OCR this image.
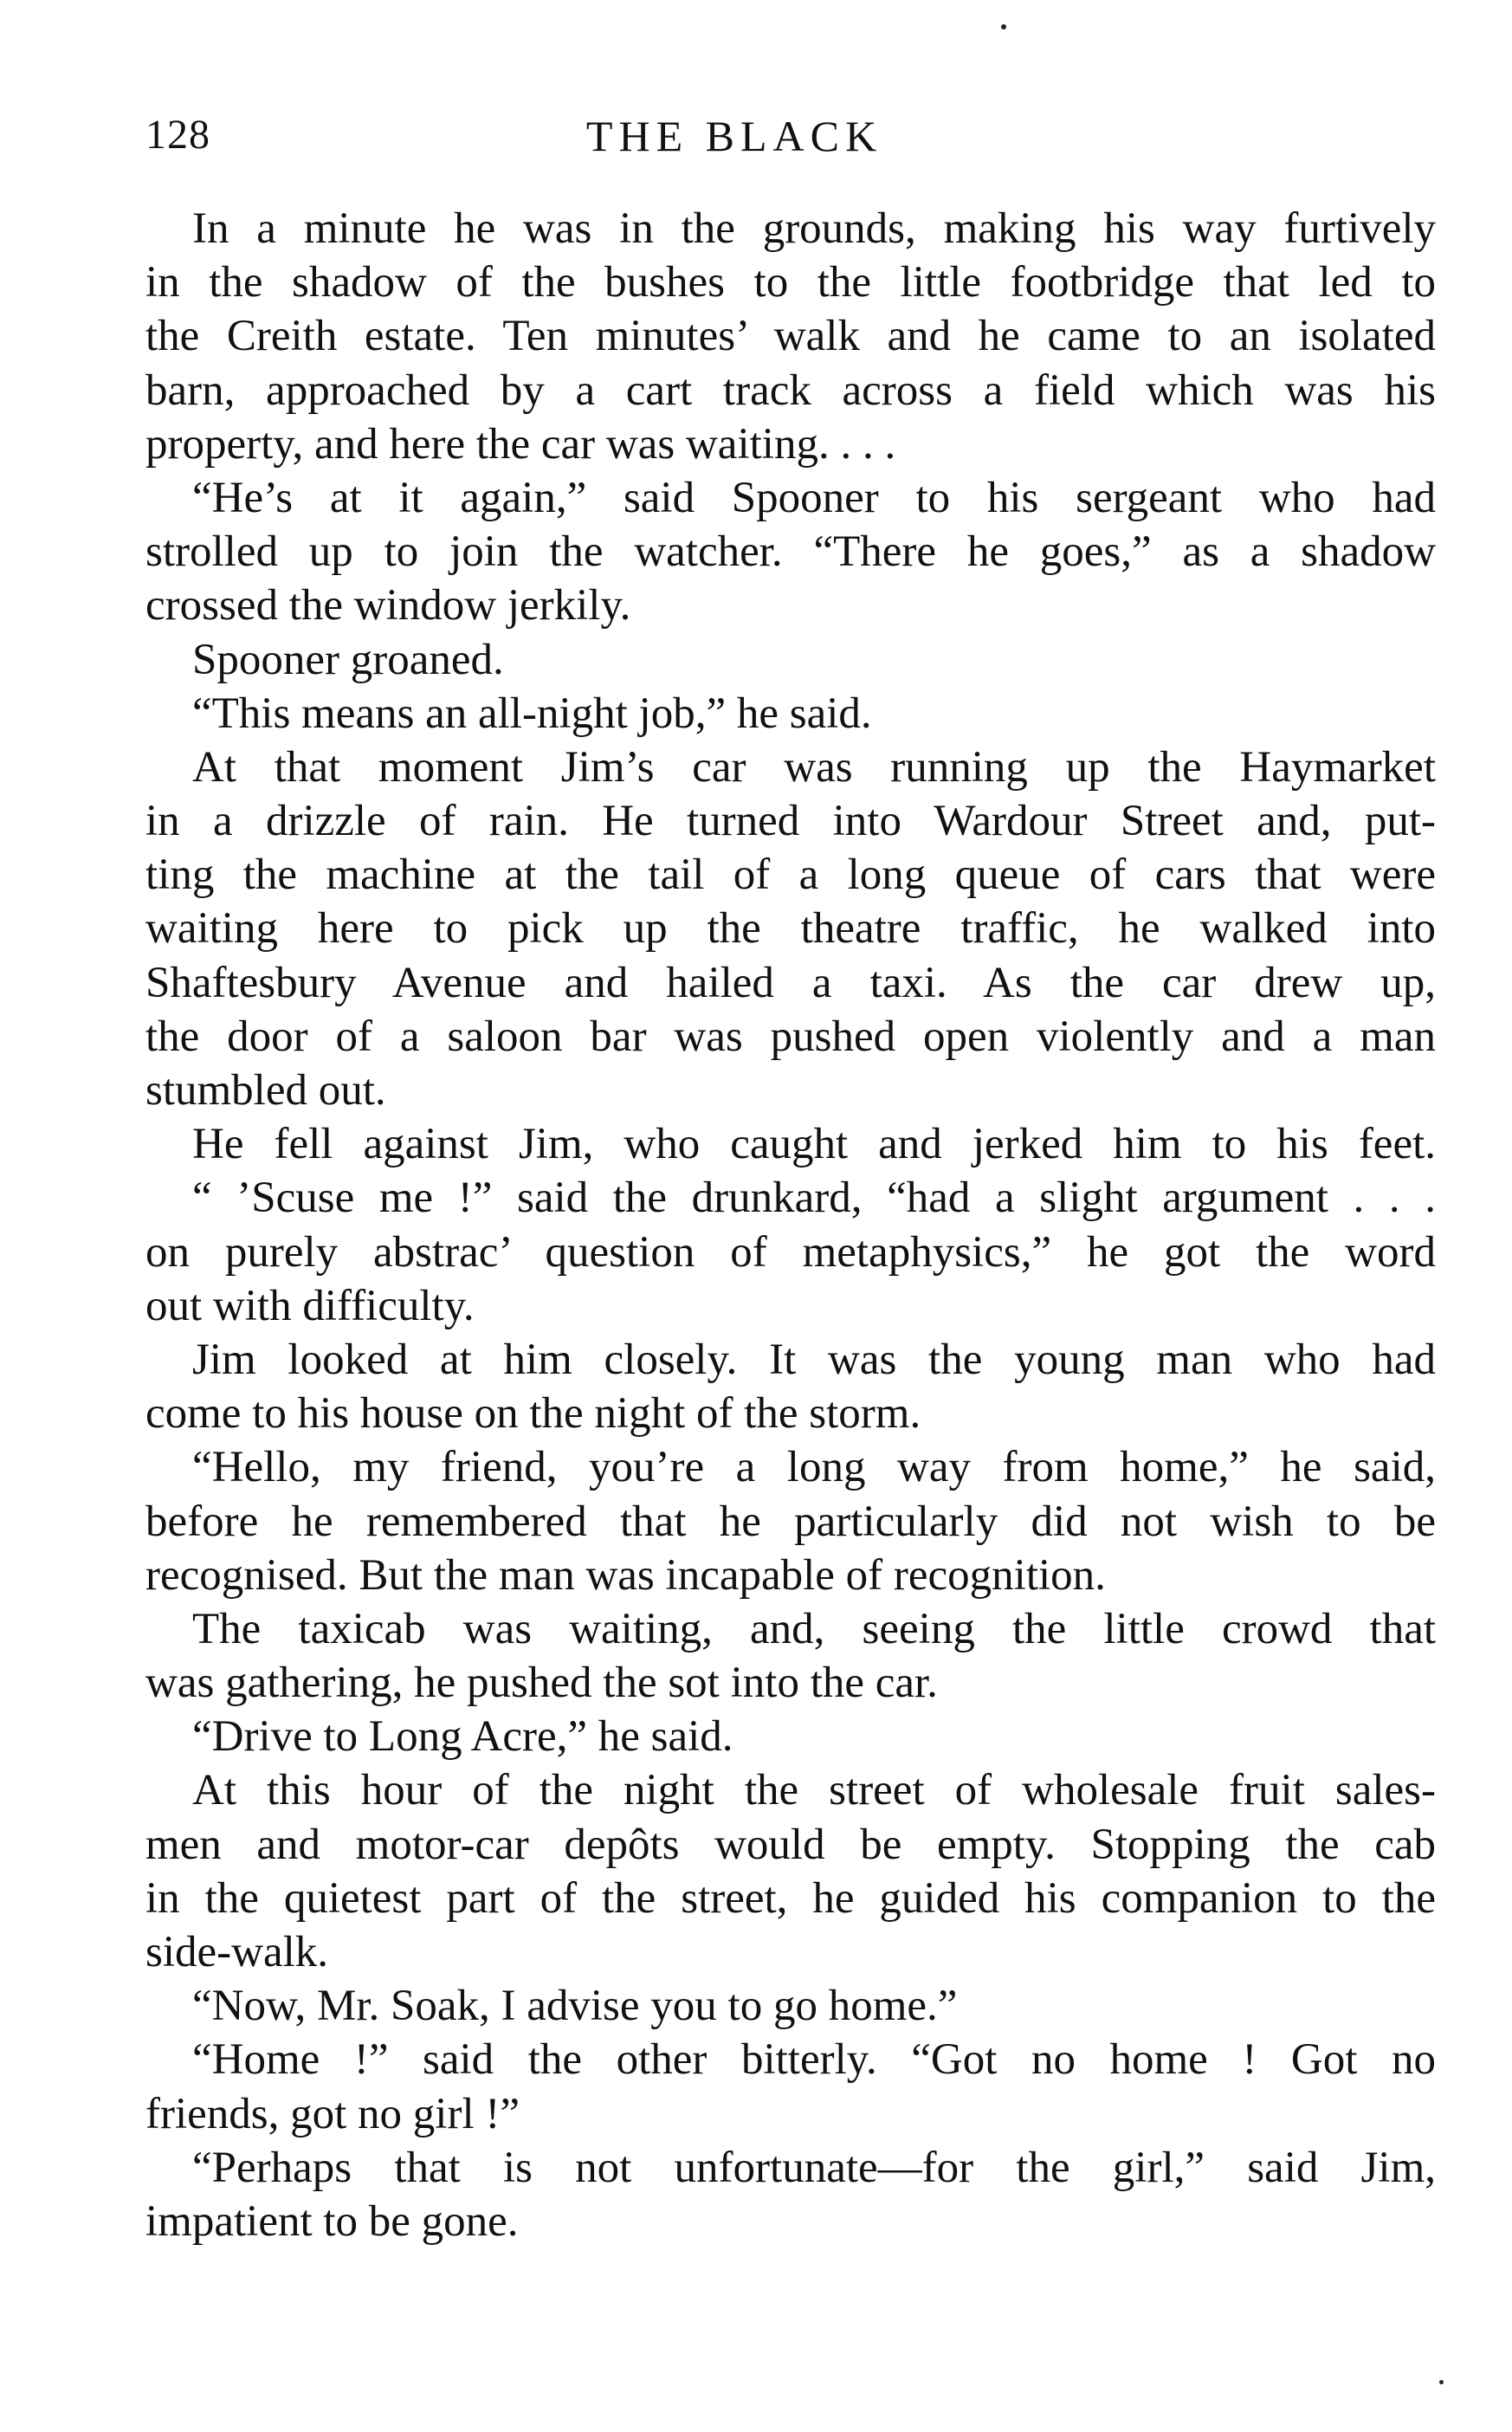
128	THE BLACK
In a minute he was in the grounds, making his way furtively
in the shadow of the bushes to the little footbridge that led to
the Creith estate. Ten minutes’ walk and he came to an isolated
barn, approached by a cart track across a field which was his
property, and here the car was waiting. . . .
“He’s at it again,” said Spooner to his sergeant who had
strolled up to join the watcher. “There he goes,” as a shadow
crossed the window jerkily.
Spooner groaned.
“This means an all-night job,” he said.
At that moment Jim’s car was running up the Haymarket
in a drizzle of rain. He turned into Wardour Street and, put-
ting the machine at the tail of a long queue of cars that were
waiting here to pick up the theatre traffic, he walked into
Shaftesbury Avenue and hailed a taxi. As the car drew up,
the door of a saloon bar was pushed open violently and a man
stumbled out.
He fell against Jim, who caught and jerked him to his feet.
“ ’Scuse me !” said the drunkard, “had a slight argument . . .
on purely abstrac’ question of metaphysics,” he got the word
out with difficulty.
Jim looked at him closely. It was the young man who had
come to his house on the night of the storm.
“Hello, my friend, you’re a long way from home,” he said,
before he remembered that he particularly did not wish to be
recognised. But the man was incapable of recognition.
The taxicab was waiting, and, seeing the little crowd that
was gathering, he pushed the sot into the car.
“Drive to Long Acre,” he said.
At this hour of the night the street of wholesale fruit sales-
men and motor-car depôts would be empty. Stopping the cab
in the quietest part of the street, he guided his companion to the
side-walk.
“Now, Mr. Soak, I advise you to go home.”
“Home !” said the other bitterly. “Got no home ! Got no
friends, got no girl !”
“Perhaps that is not unfortunate—for the girl,” said Jim,
impatient to be gone.
